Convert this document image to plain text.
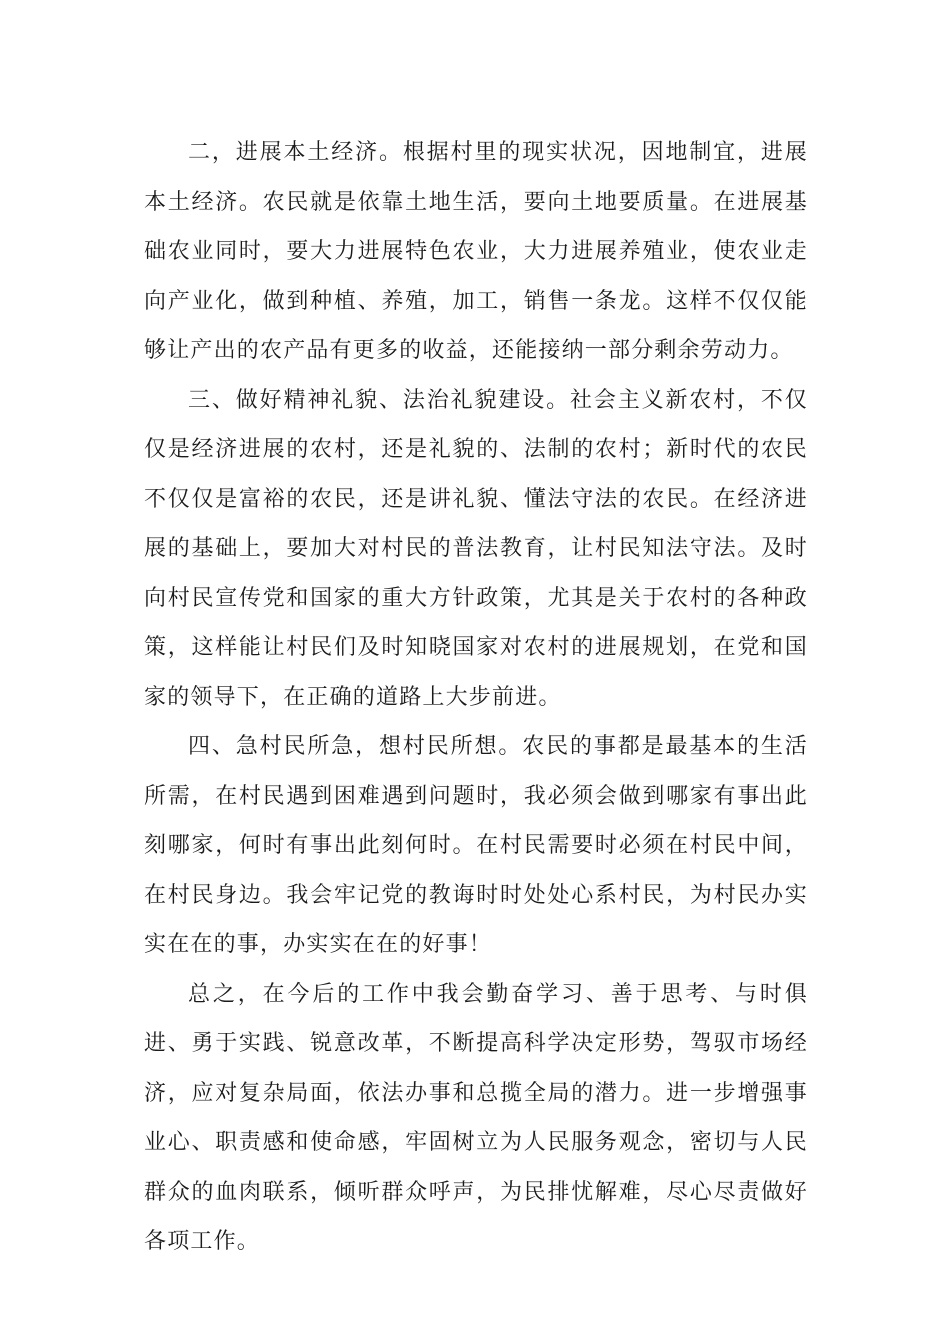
二，进展本土经济。根据村里的现实状况，因地制宜，进展本土经济。农民就是依靠土地生活，要向土地要质量。在进展基础农业同时，要大力进展特色农业，大力进展养殖业，使农业走向产业化，做到种植、养殖，加工，销售一条龙。这样不仅仅能够让产出的农产品有更多的收益，还能接纳一部分剩余劳动力。

三、做好精神礼貌、法治礼貌建设。社会主义新农村，不仅仅是经济进展的农村，还是礼貌的、法制的农村；新时代的农民不仅仅是富裕的农民，还是讲礼貌、懂法守法的农民。在经济进展的基础上，要加大对村民的普法教育，让村民知法守法。及时向村民宣传党和国家的重大方针政策，尤其是关于农村的各种政策，这样能让村民们及时知晓国家对农村的进展规划，在党和国家的领导下，在正确的道路上大步前进。

四、急村民所急，想村民所想。农民的事都是最基本的生活所需，在村民遇到困难遇到问题时，我必须会做到哪家有事出此刻哪家，何时有事出此刻何时。在村民需要时必须在村民中间，在村民身边。我会牢记党的教诲时时处处心系村民，为村民办实实在在的事，办实实在在的好事！

总之，在今后的工作中我会勤奋学习、善于思考、与时俱进、勇于实践、锐意改革，不断提高科学决定形势，驾驭市场经济，应对复杂局面，依法办事和总揽全局的潜力。进一步增强事业心、职责感和使命感，牢固树立为人民服务观念，密切与人民群众的血肉联系，倾听群众呼声，为民排忧解难，尽心尽责做好各项工作。
